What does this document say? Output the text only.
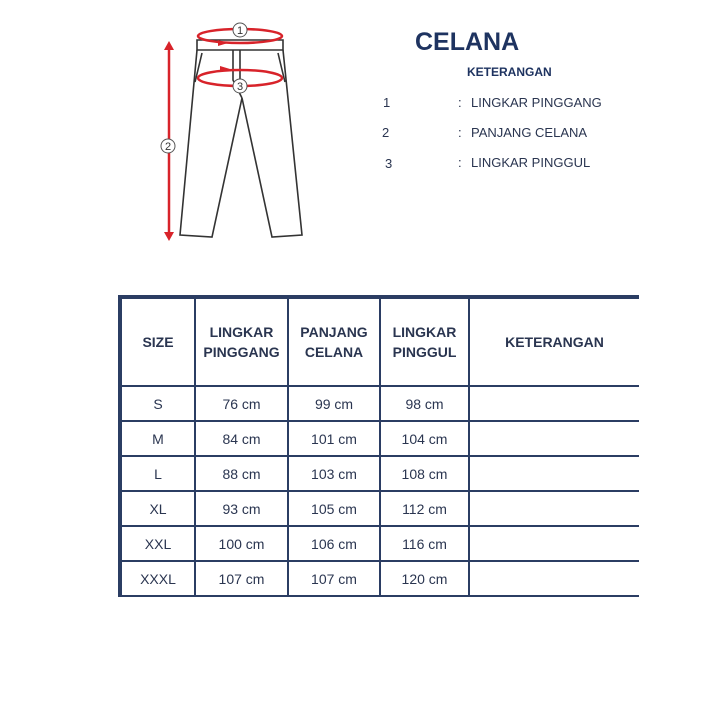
1
2
3
CELANA
KETERANGAN
1	: LINGKAR PINGGANG
2	: PANJANG CELANA
3	: LINGKAR PINGGUL
SIZE	LINGKAR PINGGANG	PANJANG CELANA	LINGKAR PINGGUL	KETERANGAN
S	76 cm	99 cm	98 cm	
M	84 cm	101 cm	104 cm	
L	88 cm	103 cm	108 cm	
XL	93 cm	105 cm	112 cm	
XXL	100 cm	106 cm	116 cm	
XXXL	107 cm	107 cm	120 cm	
